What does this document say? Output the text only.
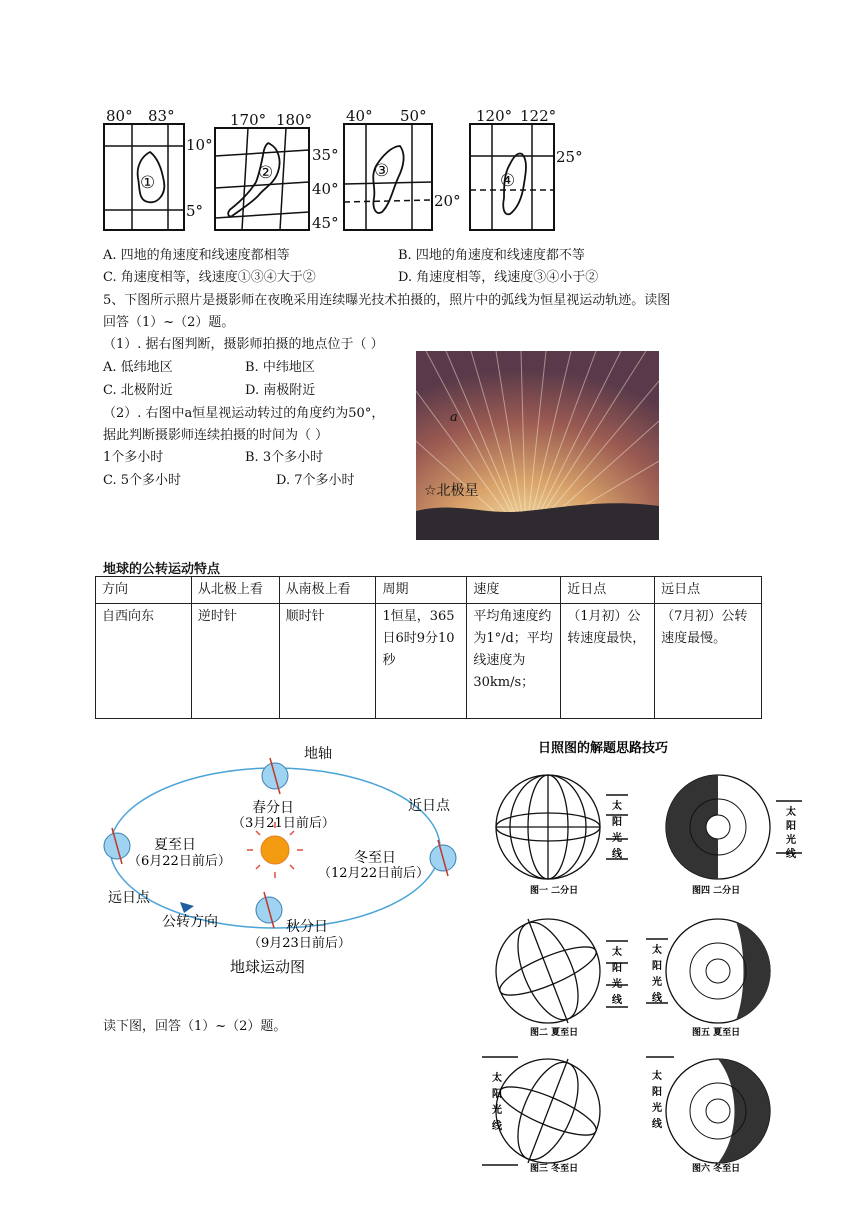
①
80° 83°
10°
5°
②
170° 180°
35°
40°
45°
③
40° 50°
20°
④
120° 122°
25°
A. 四地的角速度和线速度都相等	B. 四地的角速度和线速度都不等
C. 角速度相等，线速度①③④大于②	D. 角速度相等，线速度③④小于②
5、下图所示照片是摄影师在夜晚采用连续曝光技术拍摄的，照片中的弧线为恒星视运动轨迹。读图
回答（1）~（2）题。
（1）. 据右图判断，摄影师拍摄的地点位于（ ）
A. 低纬地区	B. 中纬地区
C. 北极附近	D. 南极附近
（2）. 右图中a恒星视运动转过的角度约为50°，
据此判断摄影师连续拍摄的时间为（ ）
1个多小时	B. 3个多小时
C. 5个多小时	D. 7个多小时
a
☆北极星
地球的公转运动特点
方向	从北极上看	从南极上看	周期	速度	近日点	远日点
自西向东	逆时针	顺时针	1恒星，365日6时9分10秒	平均角速度约为1°/d；平均线速度为30km/s；	（1月初）公转速度最快，	（7月初）公转速度最慢。
地轴
春分日
（3月21日前后）
近日点
夏至日
（6月22日前后）	冬至日
（12月22日前后）
远日点
公转方向	秋分日
（9月23日前后）
地球运动图
读下图，回答（1）~（2）题。
日照图的解题思路技巧
图一 二分日	图四 二分日
图二 夏至日	图五 夏至日
图三 冬至日	图六 冬至日
太
阳
光
线
太
阳
光
线
太
阳
光
线
太
阳
光
线
太
阳
光
线
太
阳
光
线
